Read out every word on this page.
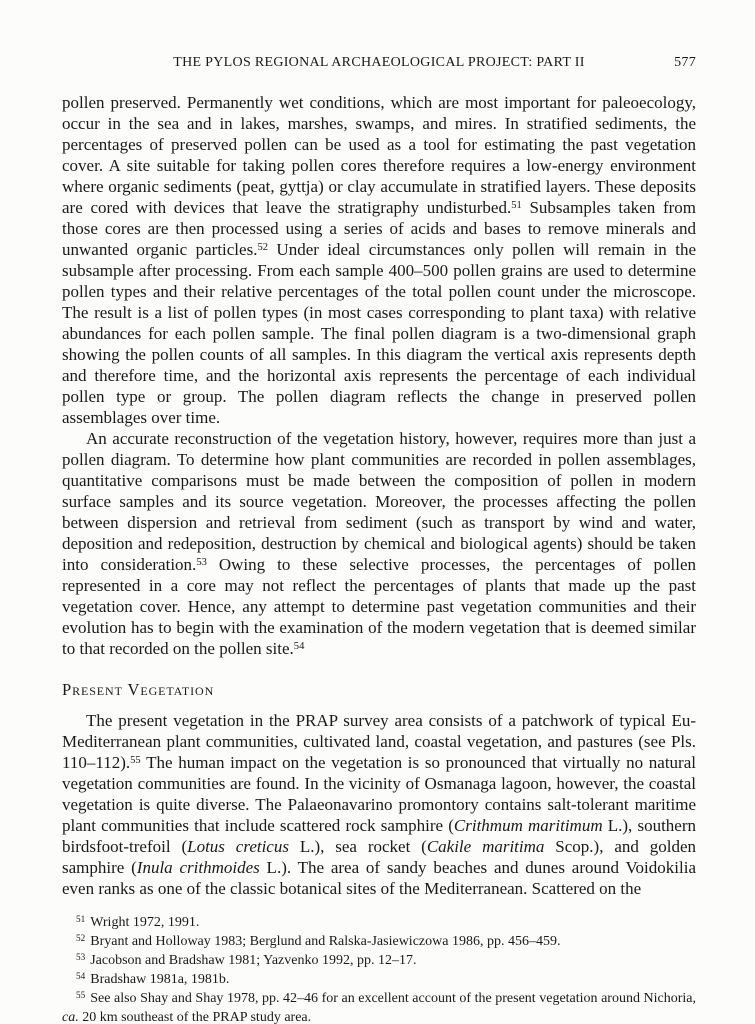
THE PYLOS REGIONAL ARCHAEOLOGICAL PROJECT: PART II	577

pollen preserved. Permanently wet conditions, which are most important for paleoecology, occur in the sea and in lakes, marshes, swamps, and mires. In stratified sediments, the percentages of preserved pollen can be used as a tool for estimating the past vegetation cover. A site suitable for taking pollen cores therefore requires a low-energy environment where organic sediments (peat, gyttja) or clay accumulate in stratified layers. These deposits are cored with devices that leave the stratigraphy undisturbed.$^{51}$ Subsamples taken from those cores are then processed using a series of acids and bases to remove minerals and unwanted organic particles.$^{52}$ Under ideal circumstances only pollen will remain in the subsample after processing. From each sample 400–500 pollen grains are used to determine pollen types and their relative percentages of the total pollen count under the microscope. The result is a list of pollen types (in most cases corresponding to plant taxa) with relative abundances for each pollen sample. The final pollen diagram is a two-dimensional graph showing the pollen counts of all samples. In this diagram the vertical axis represents depth and therefore time, and the horizontal axis represents the percentage of each individual pollen type or group. The pollen diagram reflects the change in preserved pollen assemblages over time.

An accurate reconstruction of the vegetation history, however, requires more than just a pollen diagram. To determine how plant communities are recorded in pollen assemblages, quantitative comparisons must be made between the composition of pollen in modern surface samples and its source vegetation. Moreover, the processes affecting the pollen between dispersion and retrieval from sediment (such as transport by wind and water, deposition and redeposition, destruction by chemical and biological agents) should be taken into consideration.$^{53}$ Owing to these selective processes, the percentages of pollen represented in a core may not reflect the percentages of plants that made up the past vegetation cover. Hence, any attempt to determine past vegetation communities and their evolution has to begin with the examination of the modern vegetation that is deemed similar to that recorded on the pollen site.$^{54}$

Present Vegetation

The present vegetation in the PRAP survey area consists of a patchwork of typical Eu-Mediterranean plant communities, cultivated land, coastal vegetation, and pastures (see Pls. 110–112).$^{55}$ The human impact on the vegetation is so pronounced that virtually no natural vegetation communities are found. In the vicinity of Osmanaga lagoon, however, the coastal vegetation is quite diverse. The Palaeonavarino promontory contains salt-tolerant maritime plant communities that include scattered rock samphire (Crithmum maritimum L.), southern birdsfoot-trefoil (Lotus creticus L.), sea rocket (Cakile maritima Scop.), and golden samphire (Inula crithmoides L.). The area of sandy beaches and dunes around Voidokilia even ranks as one of the classic botanical sites of the Mediterranean. Scattered on the

$^{51}$ Wright 1972, 1991.

$^{52}$ Bryant and Holloway 1983; Berglund and Ralska-Jasiewiczowa 1986, pp. 456–459.

$^{53}$ Jacobson and Bradshaw 1981; Yazvenko 1992, pp. 12–17.

$^{54}$ Bradshaw 1981a, 1981b.

$^{55}$ See also Shay and Shay 1978, pp. 42–46 for an excellent account of the present vegetation around Nichoria, ca. 20 km southeast of the PRAP study area.
